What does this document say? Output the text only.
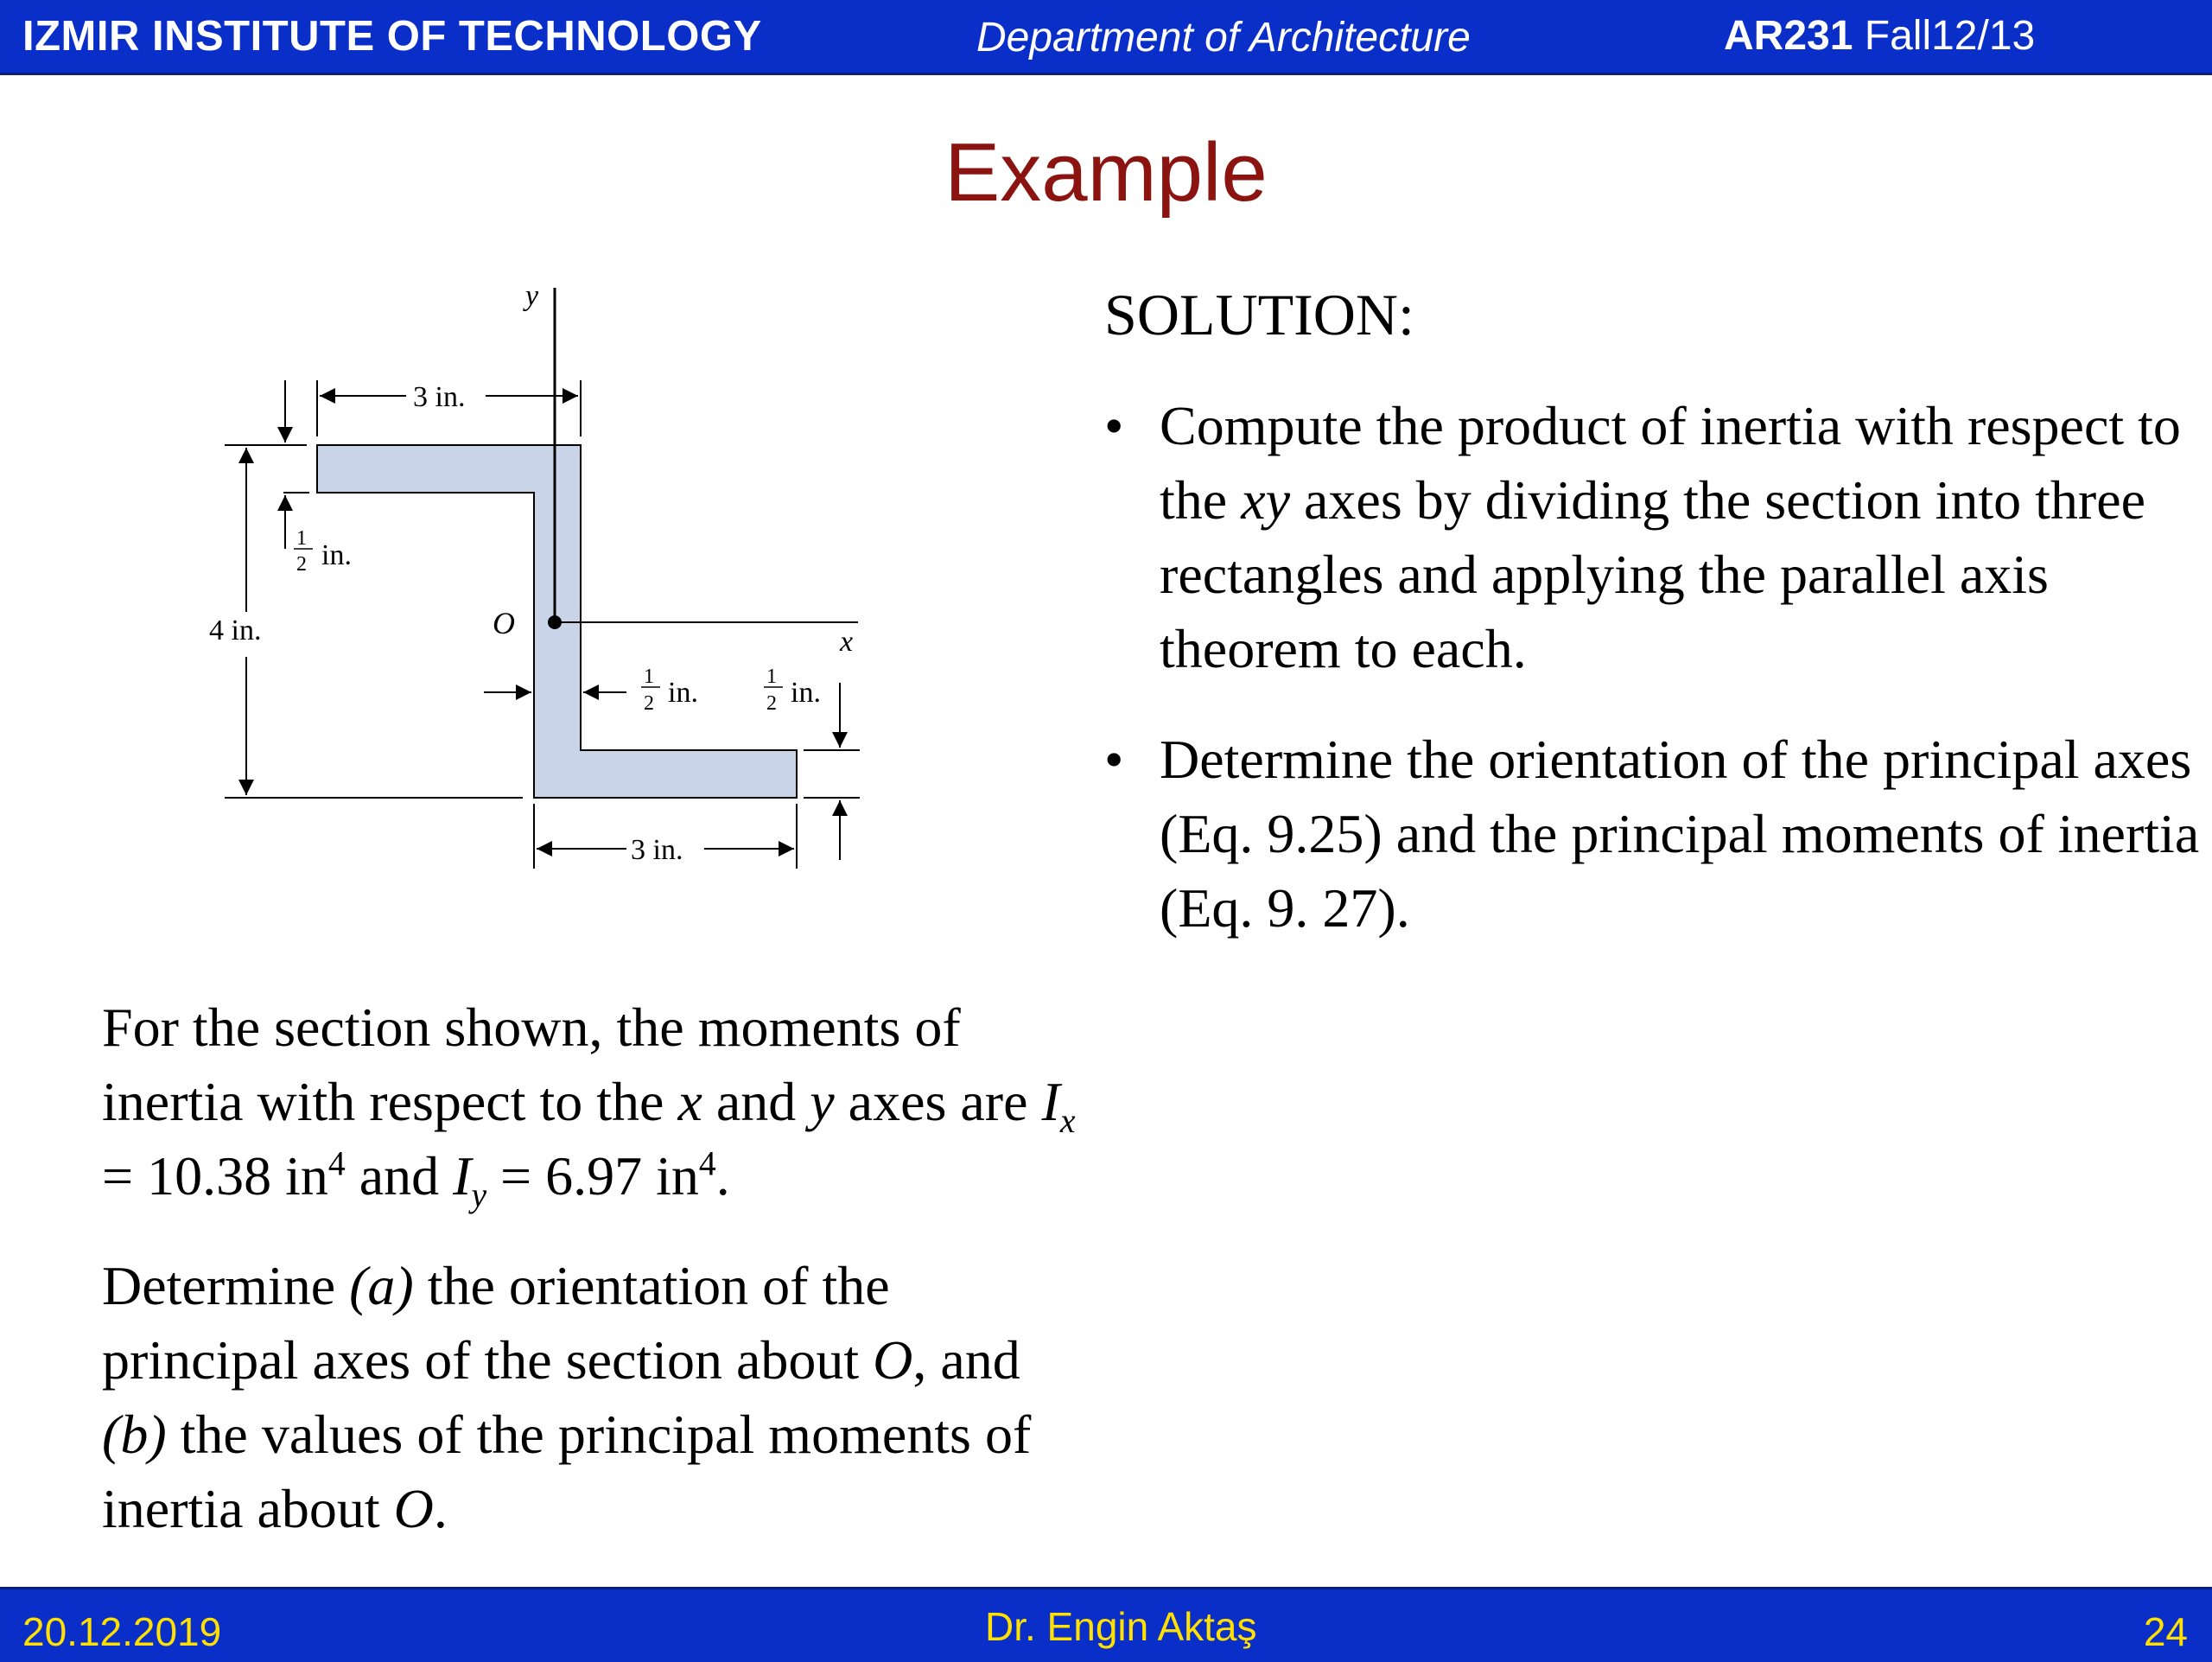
IZMIR INSTITUTE OF TECHNOLOGY	Department of Architecture	AR231 Fall12/13
Example
y
x
O
3 in.
4 in.
1
2 in.
1
2 in.	1
2 in.
3 in.
SOLUTION:
• Compute the product of inertia with respect to the xy axes by dividing the section into three rectangles and applying the parallel axis theorem to each.
• Determine the orientation of the principal axes (Eq. 9.25) and the principal moments of inertia (Eq. 9. 27).

For the section shown, the moments of inertia with respect to the x and y axes are $I_x = 10.38$ $in^4$ and $I_y = 6.97$ $in^4$.

Determine (a) the orientation of the principal axes of the section about O, and (b) the values of the principal moments of inertia about O.

20.12.2019	Dr. Engin Aktaş	24
